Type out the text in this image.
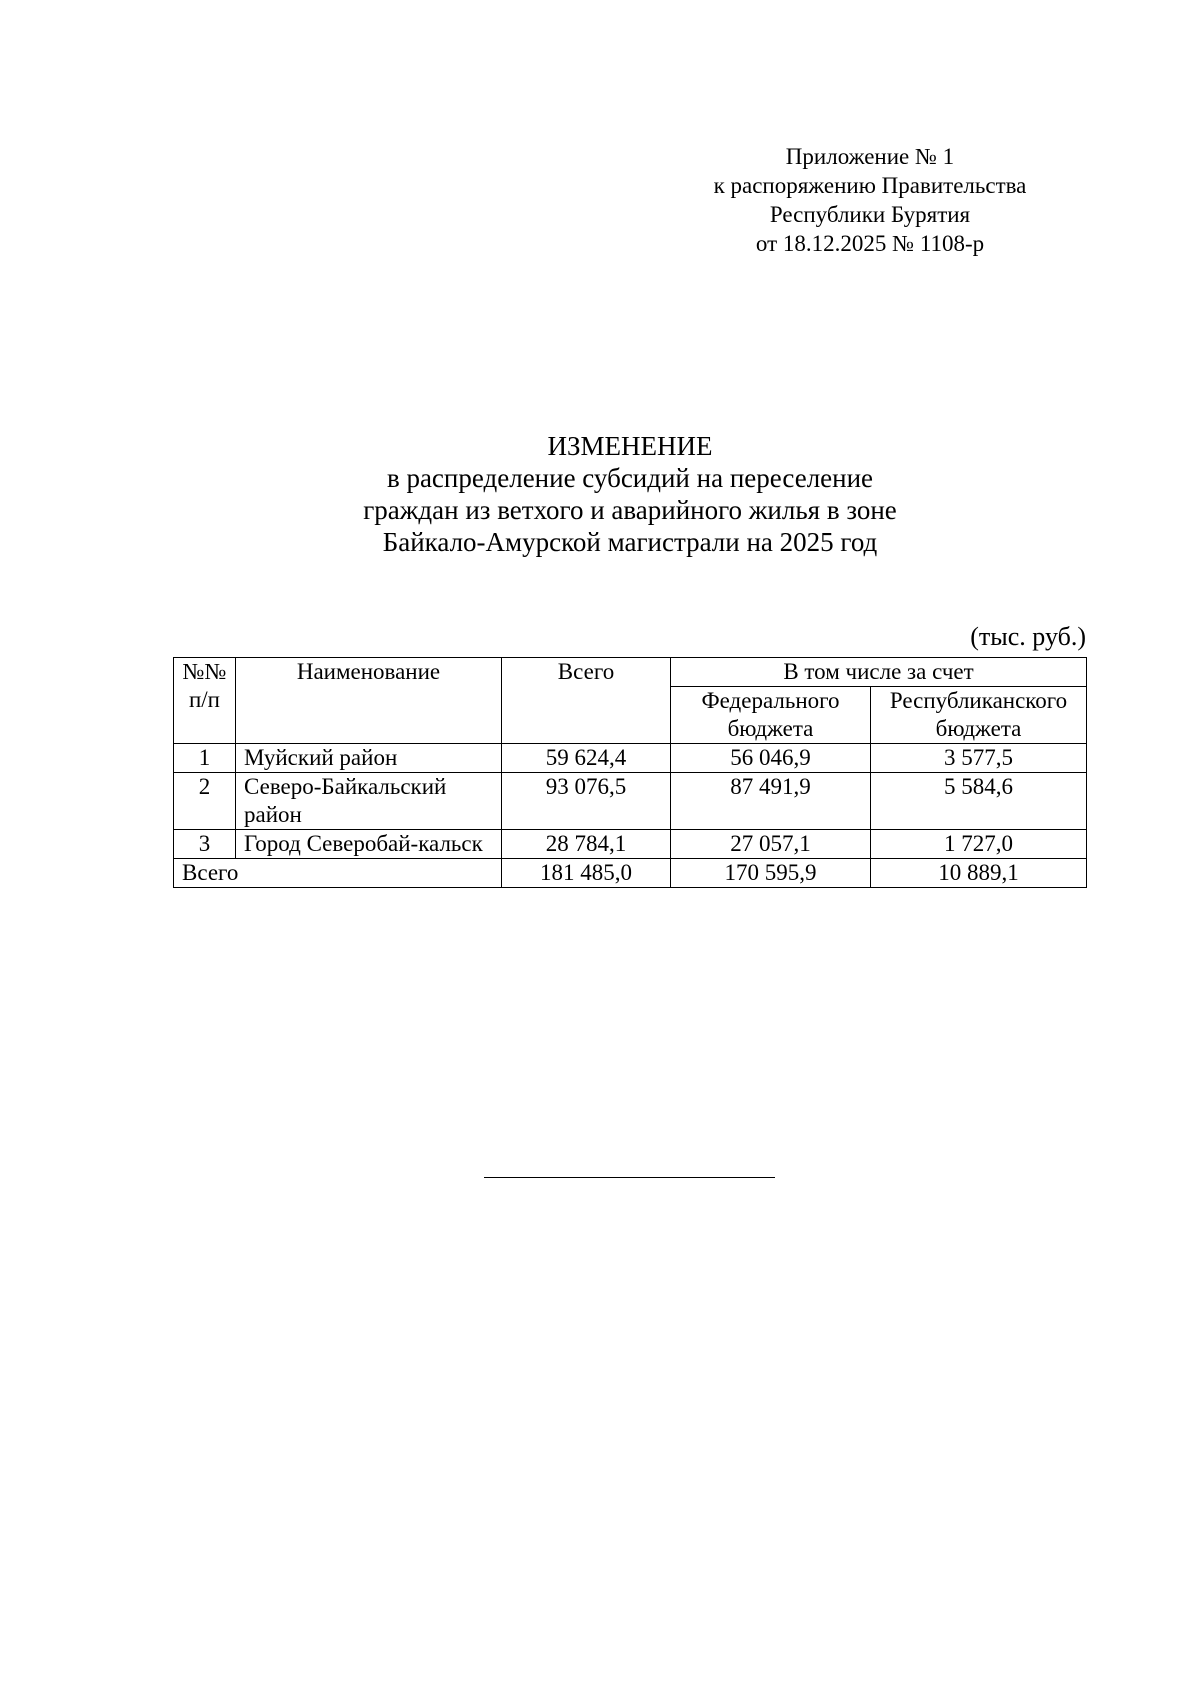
Приложение № 1
к распоряжению Правительства
Республики Бурятия
от 18.12.2025 № 1108-р
ИЗМЕНЕНИЕ
в распределение субсидий на переселение
граждан из ветхого и аварийного жилья в зоне
Байкало-Амурской магистрали на 2025 год
(тыс. руб.)
№№ п/п	Наименование	Всего	В том числе за счет	
			Федерального бюджета	Республиканского бюджета
1	Муйский район	59 624,4	56 046,9	3 577,5
2	Северо-Байкальский район	93 076,5	87 491,9	5 584,6
3	Город Северобай-кальск	28 784,1	27 057,1	1 727,0
Всего		181 485,0	170 595,9	10 889,1
